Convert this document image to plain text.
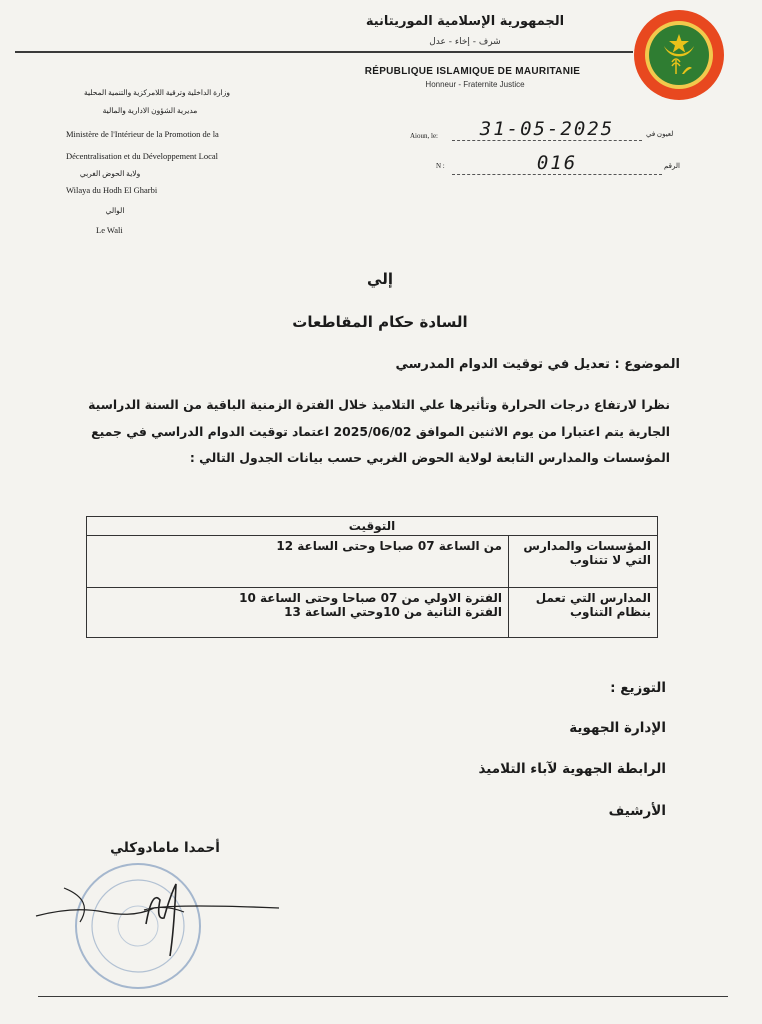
الجمهورية الإسلامية الموريتانية
شرف - إخاء - عدل
RÉPUBLIQUE ISLAMIQUE DE MAURITANIE
Honneur - Fraternite Justice
وزارة الداخلية وترقية اللامركزية والتنمية المحلية
مديرية الشؤون الادارية والمالية
Ministère de l'Intérieur de la Promotion de la
Décentralisation et du Développement Local
ولاية الحوض الغربي
Wilaya du Hodh El Gharbi
الوالي
Le Wali
Aioun, le:	31-05-2025	لعيون في
N :	016	الرقم
إلي
السادة حكام المقاطعات
الموضوع : تعديل في توقيت الدوام المدرسي
نظرا لارتفاع درجات الحرارة وتأثيرها علي التلاميذ خلال الفترة الزمنية الباقية من السنة الدراسية الجارية يتم اعتبارا من يوم الاثنين الموافق 2025/06/02 اعتماد توقيت الدوام الدراسي في جميع المؤسسات والمدارس التابعة لولاية الحوض الغربي حسب بيانات الجدول التالي :
التوقيت	
المؤسسات والمدارس التي لا تتناوب	من الساعة 07 صباحا وحتى الساعة 12

المدارس التي تعمل بنظام التناوب	الفترة الاولي من 07 صباحا وحتى الساعة 10
الفترة الثانية من 10وحتي الساعة 13
التوزيع :
الإدارة الجهوية
الرابطة الجهوية لآباء التلاميذ
الأرشيف
أحمدا مامادوكلي
